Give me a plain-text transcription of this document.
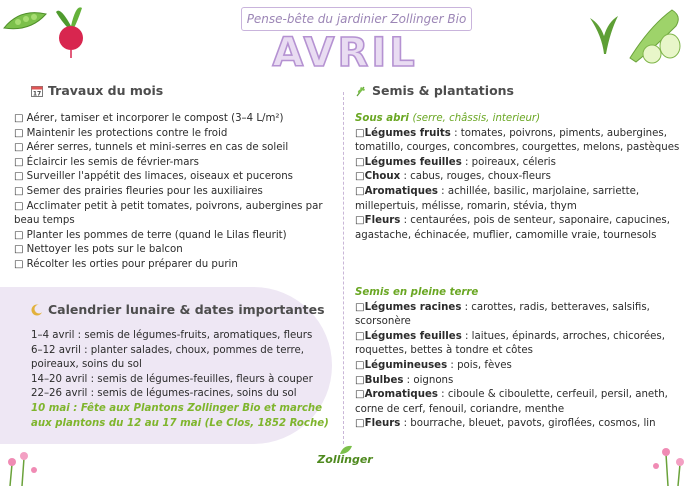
Pense-bête du jardinier Zollinger Bio
AVRIL
17 Travaux du mois
□ Aérer, tamiser et incorporer le compost (3–4 L/m²)
□ Maintenir les protections contre le froid
□ Aérer serres, tunnels et mini-serres en cas de soleil
□ Éclaircir les semis de février-mars
□ Surveiller l'appétit des limaces, oiseaux et pucerons
□ Semer des prairies fleuries pour les auxiliaires
□ Acclimater petit à petit tomates, poivrons, aubergines par beau temps
□ Planter les pommes de terre (quand le Lilas fleurit)
□ Nettoyer les pots sur le balcon
□ Récolter les orties pour préparer du purin
Calendrier lunaire & dates importantes
1–4 avril : semis de légumes-fruits, aromatiques, fleurs
6–12 avril : planter salades, choux, pommes de terre, poireaux, soins du sol
14–20 avril : semis de légumes-feuilles, fleurs à couper
22–26 avril : semis de légumes-racines, soins du sol
10 mai : Fête aux Plantons Zollinger Bio et marche aux plantons du 12 au 17 mai (Le Clos, 1852 Roche)
Semis & plantations
Sous abri (serre, châssis, interieur)
□ Légumes fruits : tomates, poivrons, piments, aubergines, tomatillo, courges, concombres, courgettes, melons, pastèques
□ Légumes feuilles : poireaux, céleris
□ Choux : cabus, rouges, choux-fleurs
□ Aromatiques : achillée, basilic, marjolaine, sarriette, millepertuis, mélisse, romarin, stévia, thym
□ Fleurs : centaurées, pois de senteur, saponaire, capucines, agastache, échinacée, muflier, camomille vraie, tournesols
Semis en pleine terre
□ Légumes racines : carottes, radis, betteraves, salsifis, scorsonère
□ Légumes feuilles : laitues, épinards, arroches, chicorées, roquettes, bettes à tondre et côtes
□ Légumineuses : pois, fèves
□ Bulbes : oignons
□ Aromatiques : ciboule & ciboulette, cerfeuil, persil, aneth, corne de cerf, fenouil, coriandre, menthe
□ Fleurs : bourrache, bleuet, pavots, giroflées, cosmos, lin
Zollinger
